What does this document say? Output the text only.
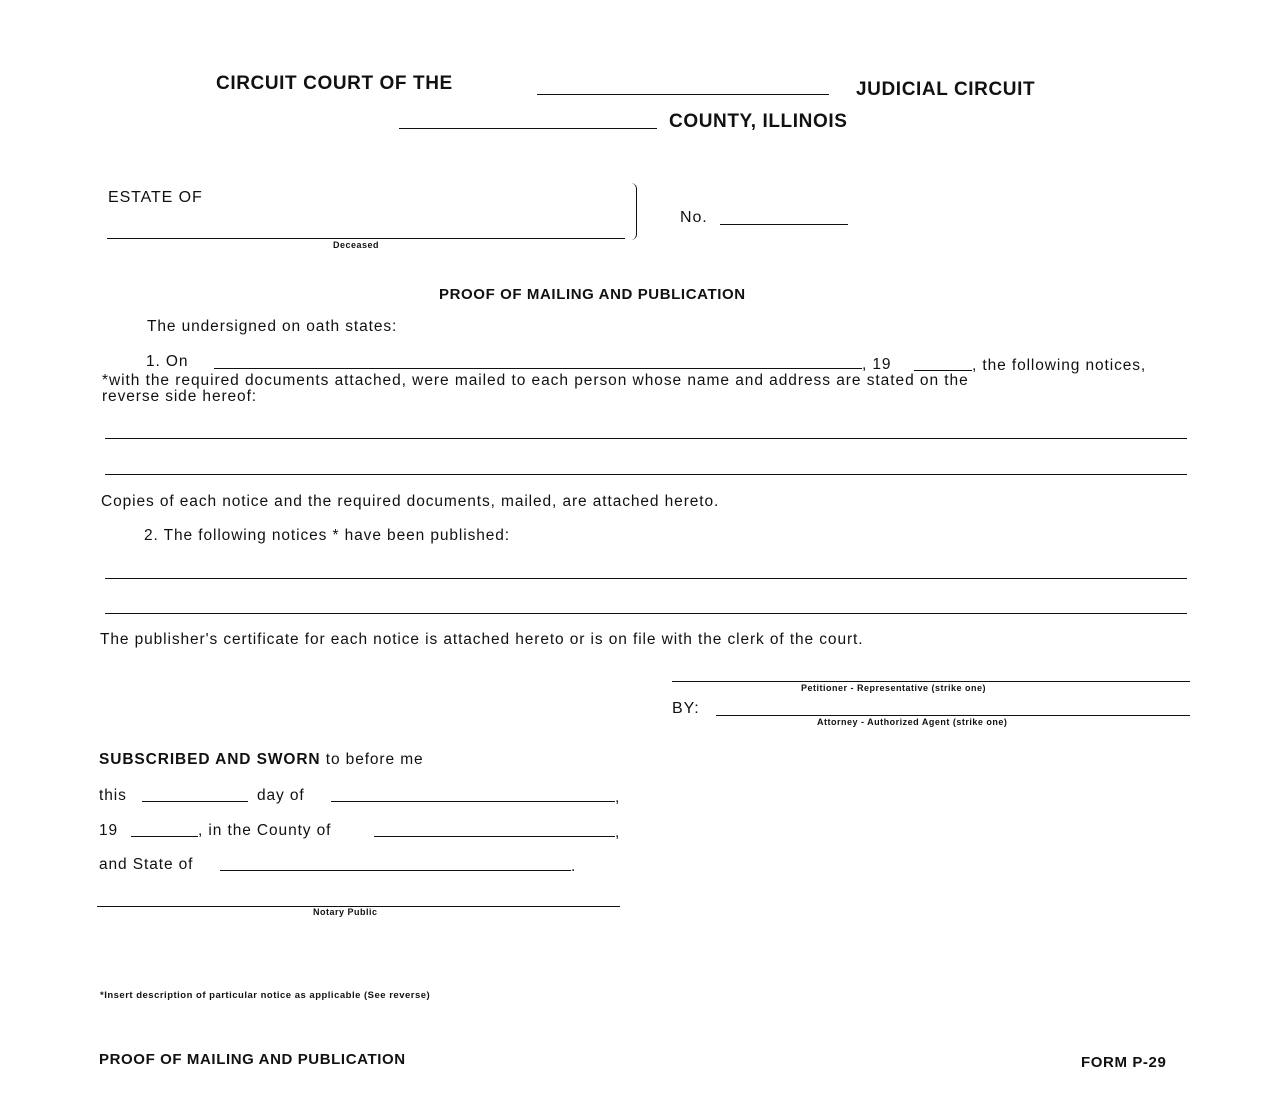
CIRCUIT COURT OF THE	JUDICIAL CIRCUIT
COUNTY, ILLINOIS
ESTATE OF
Deceased
No.
PROOF OF MAILING AND PUBLICATION
The undersigned on oath states:
1. On	, 19	, the following notices,
*with the required documents attached, were mailed to each person whose name and address are stated on the
reverse side hereof:
Copies of each notice and the required documents, mailed, are attached hereto.
2. The following notices * have been published:
The publisher's certificate for each notice is attached hereto or is on file with the clerk of the court.
Petitioner - Representative (strike one)
BY:
Attorney - Authorized Agent (strike one)
SUBSCRIBED AND SWORN to before me
this	day of	,
19	, in the County of	,
and State of	.
Notary Public
*Insert description of particular notice as applicable (See reverse)
PROOF OF MAILING AND PUBLICATION	FORM P-29
